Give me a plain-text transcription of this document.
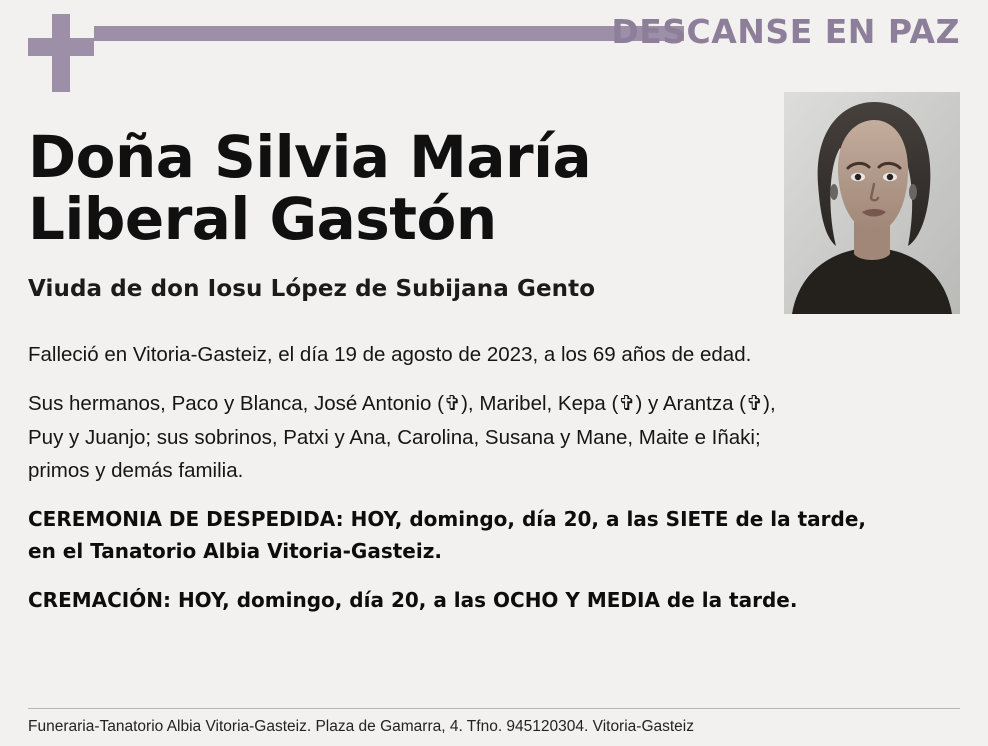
DESCANSE EN PAZ
Doña Silvia María
Liberal Gastón
Viuda de don Iosu López de Subijana Gento

Falleció en Vitoria-Gasteiz, el día 19 de agosto de 2023, a los 69 años de edad.

Sus hermanos, Paco y Blanca, José Antonio (✞), Maribel, Kepa (✞) y Arantza (✞),
Puy y Juanjo; sus sobrinos, Patxi y Ana, Carolina, Susana y Mane, Maite e Iñaki;
primos y demás familia.
CEREMONIA DE DESPEDIDA: HOY, domingo, día 20, a las SIETE de la tarde,
en el Tanatorio Albia Vitoria-Gasteiz.
CREMACIÓN: HOY, domingo, día 20, a las OCHO Y MEDIA de la tarde.
Funeraria-Tanatorio Albia Vitoria-Gasteiz. Plaza de Gamarra, 4. Tfno. 945120304. Vitoria-Gasteiz
